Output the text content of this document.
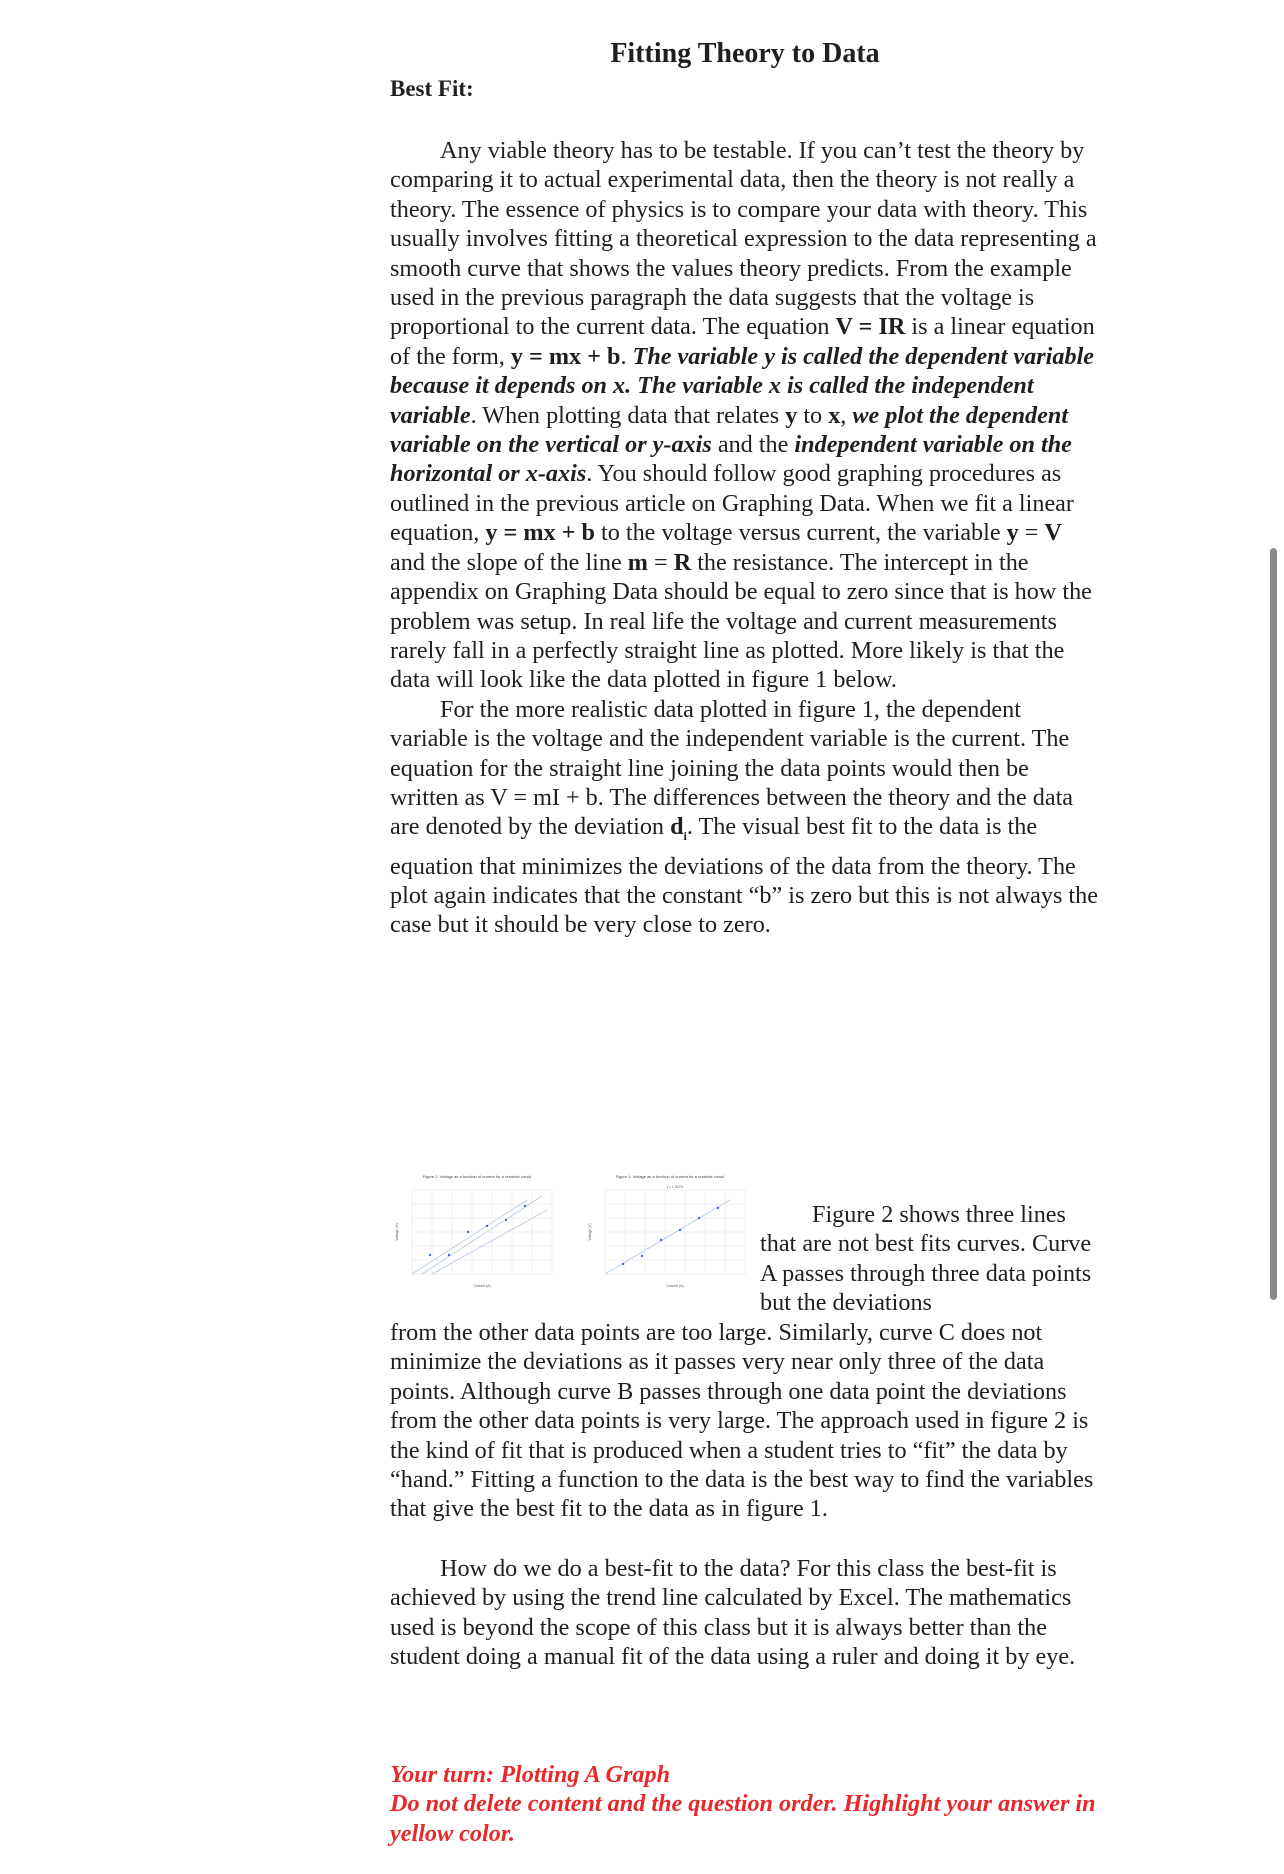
Fitting Theory to Data
Best Fit:

Any viable theory has to be testable. If you can’t test the theory by comparing it to actual experimental data, then the theory is not really a theory. The essence of physics is to compare your data with theory. This usually involves fitting a theoretical expression to the data representing a smooth curve that shows the values theory predicts. From the example used in the previous paragraph the data suggests that the voltage is proportional to the current data. The equation V = IR is a linear equation of the form, y = mx + b. The variable y is called the dependent variable because it depends on x. The variable x is called the independent variable. When plotting data that relates y to x, we plot the dependent variable on the vertical or y-axis and the independent variable on the horizontal or x-axis. You should follow good graphing procedures as outlined in the previous article on Graphing Data. When we fit a linear equation, y = mx + b to the voltage versus current, the variable y = V and the slope of the line m = R the resistance. The intercept in the appendix on Graphing Data should be equal to zero since that is how the problem was setup. In real life the voltage and current measurements rarely fall in a perfectly straight line as plotted. More likely is that the data will look like the data plotted in figure 1 below.

For the more realistic data plotted in figure 1, the dependent variable is the voltage and the independent variable is the current. The equation for the straight line joining the data points would then be written as V = mI + b. The differences between the theory and the data are denoted by the deviation $d_i$. The visual best fit to the data is the equation that minimizes the deviations of the data from the theory. The plot again indicates that the constant “b” is zero but this is not always the case but it should be very close to zero.

Figure 2. Voltage as a function of current for a resistive circuit
Current (A)
Voltage (V)
Figure 1. Voltage as a function of current for a resistive circuit
y = 1.2027x
Current (A)
Voltage (V)

Figure 2 shows three lines that are not best fits curves. Curve A passes through three data points but the deviations

from the other data points are too large. Similarly, curve C does not minimize the deviations as it passes very near only three of the data points. Although curve B passes through one data point the deviations from the other data points is very large. The approach used in figure 2 is the kind of fit that is produced when a student tries to “fit” the data by “hand.” Fitting a function to the data is the best way to find the variables that give the best fit to the data as in figure 1.

How do we do a best-fit to the data? For this class the best-fit is achieved by using the trend line calculated by Excel. The mathematics used is beyond the scope of this class but it is always better than the student doing a manual fit of the data using a ruler and doing it by eye.

Your turn: Plotting A Graph
Do not delete content and the question order. Highlight your answer in yellow color.
